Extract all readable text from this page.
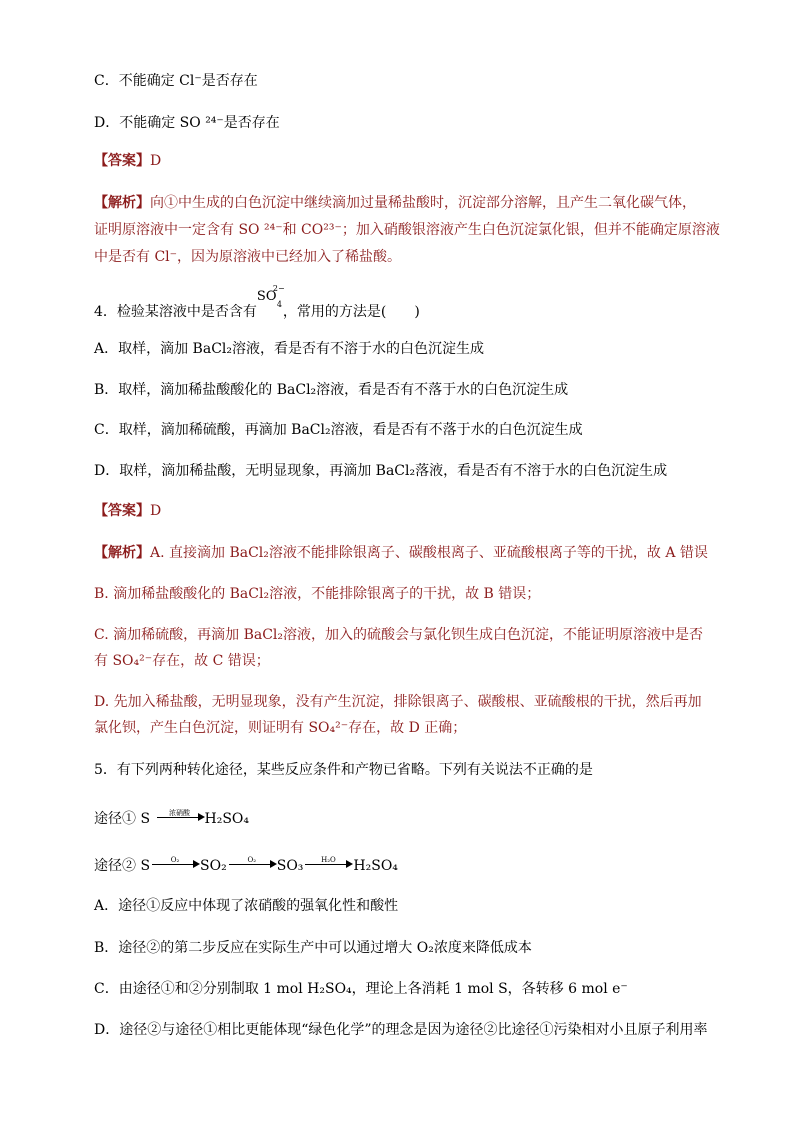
C．不能确定 Cl⁻是否存在
D．不能确定 SO ²⁴⁻是否存在
【答案】D
【解析】向①中生成的白色沉淀中继续滴加过量稀盐酸时，沉淀部分溶解，且产生二氧化碳气体，
证明原溶液中一定含有 SO ²⁴⁻和 CO²³⁻；加入硝酸银溶液产生白色沉淀氯化银，但并不能确定原溶液
中是否有 Cl⁻，因为原溶液中已经加入了稀盐酸。
4．检验某溶液中是否含有
SO
2−
4 ，常用的方法是(　　)
A．取样，滴加 BaCl₂溶液，看是否有不溶于水的白色沉淀生成
B．取样，滴加稀盐酸酸化的 BaCl₂溶液，看是否有不落于水的白色沉淀生成
C．取样，滴加稀硫酸，再滴加 BaCl₂溶液，看是否有不落于水的白色沉淀生成
D．取样，滴加稀盐酸，无明显现象，再滴加 BaCl₂落液，看是否有不溶于水的白色沉淀生成
【答案】D
【解析】A. 直接滴加 BaCl₂溶液不能排除银离子、碳酸根离子、亚硫酸根离子等的干扰，故 A 错误
B. 滴加稀盐酸酸化的 BaCl₂溶液，不能排除银离子的干扰，故 B 错误；
C. 滴加稀硫酸，再滴加 BaCl₂溶液，加入的硫酸会与氯化钡生成白色沉淀，不能证明原溶液中是否
有 SO₄²⁻存在，故 C 错误；
D. 先加入稀盐酸，无明显现象，没有产生沉淀，排除银离子、碳酸根、亚硫酸根的干扰，然后再加
氯化钡，产生白色沉淀，则证明有 SO₄²⁻存在，故 D 正确；
5．有下列两种转化途径，某些反应条件和产物已省略。下列有关说法不正确的是
途径① S	浓硝酸	H₂SO₄
途径② S	O₂	SO₂	O₂	SO₃	H₂O	H₂SO₄
A．途径①反应中体现了浓硝酸的强氧化性和酸性
B．途径②的第二步反应在实际生产中可以通过增大 O₂浓度来降低成本
C．由途径①和②分别制取 1 mol H₂SO₄，理论上各消耗 1 mol S，各转移 6 mol e⁻
D．途径②与途径①相比更能体现“绿色化学”的理念是因为途径②比途径①污染相对小且原子利用率
